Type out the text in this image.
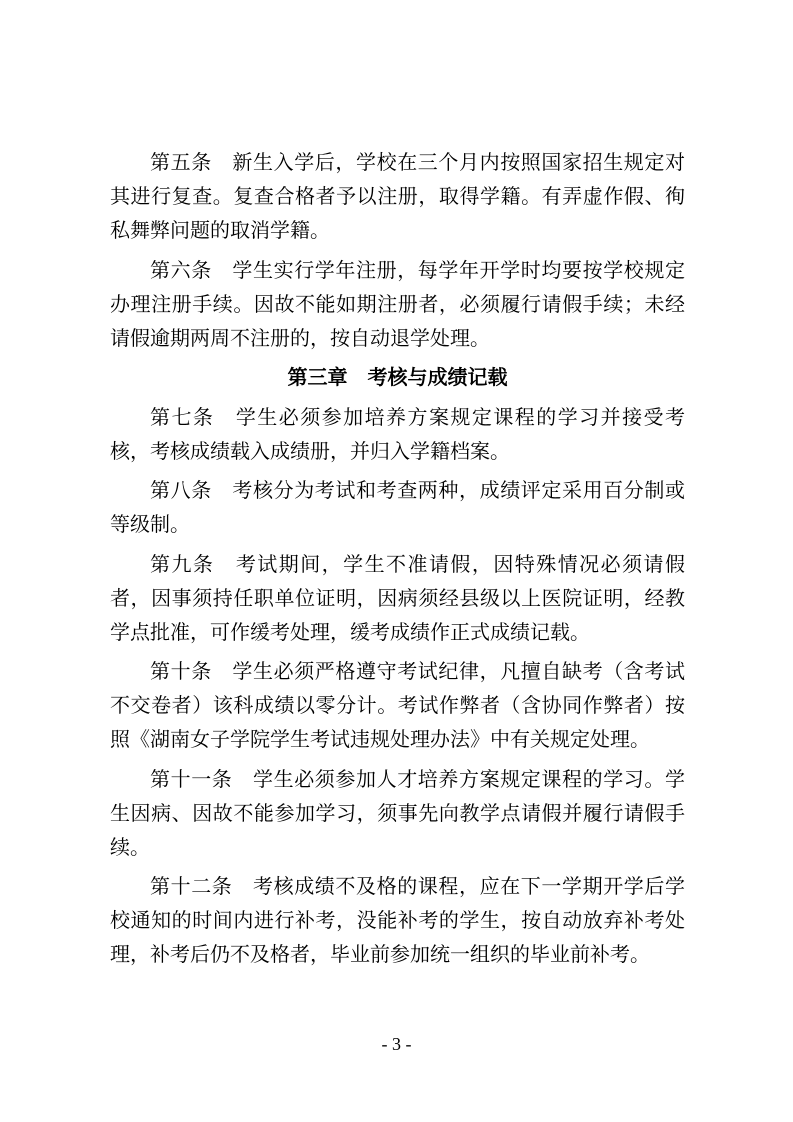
第五条　新生入学后，学校在三个月内按照国家招生规定对其进行复查。复查合格者予以注册，取得学籍。有弄虚作假、徇私舞弊问题的取消学籍。

第六条　学生实行学年注册，每学年开学时均要按学校规定办理注册手续。因故不能如期注册者，必须履行请假手续；未经请假逾期两周不注册的，按自动退学处理。

第三章　考核与成绩记载

第七条　学生必须参加培养方案规定课程的学习并接受考核，考核成绩载入成绩册，并归入学籍档案。

第八条　考核分为考试和考查两种，成绩评定采用百分制或等级制。

第九条　考试期间，学生不准请假，因特殊情况必须请假者，因事须持任职单位证明，因病须经县级以上医院证明，经教学点批准，可作缓考处理，缓考成绩作正式成绩记载。

第十条　学生必须严格遵守考试纪律，凡擅自缺考（含考试不交卷者）该科成绩以零分计。考试作弊者（含协同作弊者）按照《湖南女子学院学生考试违规处理办法》中有关规定处理。

第十一条　学生必须参加人才培养方案规定课程的学习。学生因病、因故不能参加学习，须事先向教学点请假并履行请假手续。

第十二条　考核成绩不及格的课程，应在下一学期开学后学校通知的时间内进行补考，没能补考的学生，按自动放弃补考处理，补考后仍不及格者，毕业前参加统一组织的毕业前补考。

- 3 -
